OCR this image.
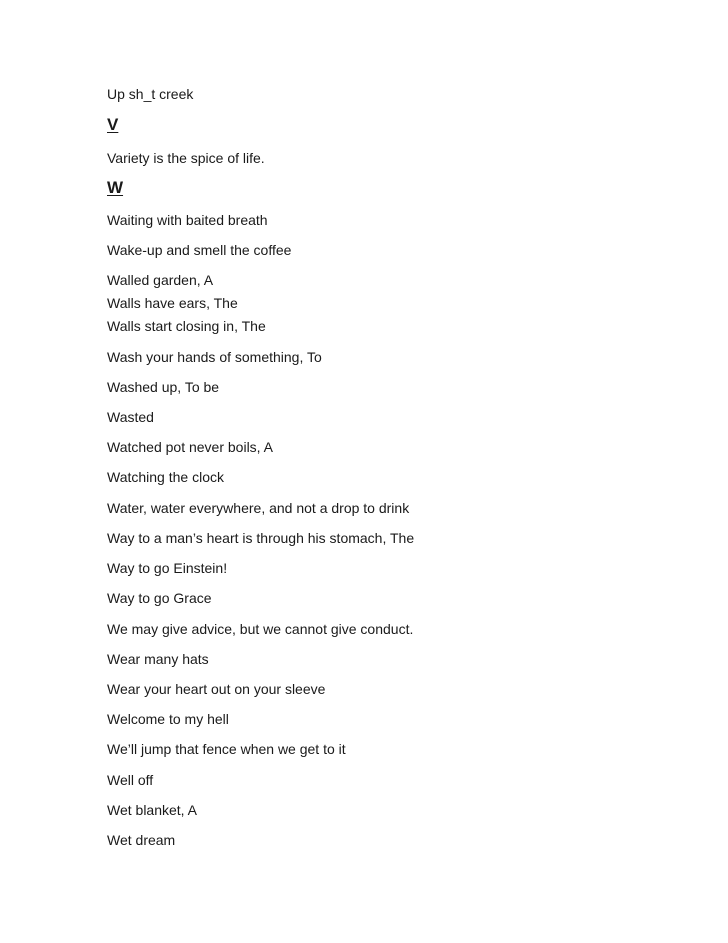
Up sh_t creek
V
Variety is the spice of life.
W
Waiting with baited breath
Wake-up and smell the coffee
Walled garden, A
Walls have ears, The
Walls start closing in, The
Wash your hands of something, To
Washed up, To be
Wasted
Watched pot never boils, A
Watching the clock
Water, water everywhere, and not a drop to drink
Way to a man’s heart is through his stomach, The
Way to go Einstein!
Way to go Grace
We may give advice, but we cannot give conduct.
Wear many hats
Wear your heart out on your sleeve
Welcome to my hell
We’ll jump that fence when we get to it
Well off
Wet blanket, A
Wet dream
